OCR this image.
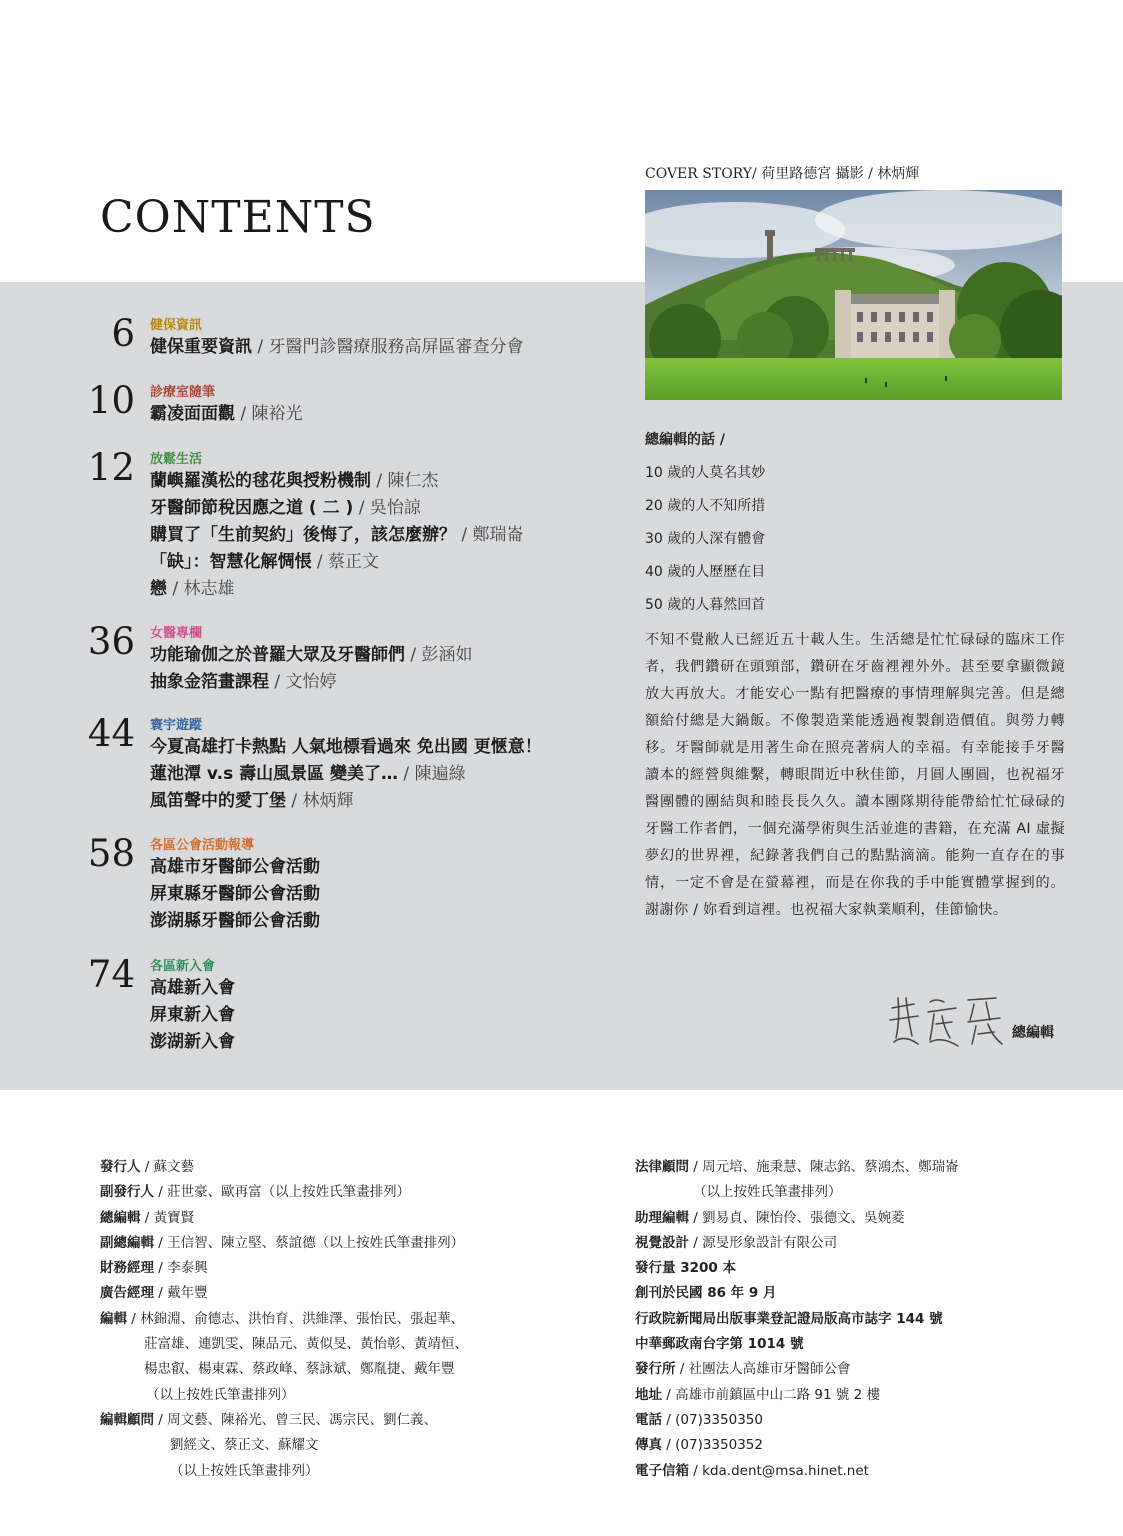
CONTENTS
6 健保資訊
健保重要資訊 / 牙醫門診醫療服務高屏區審查分會
10 診療室隨筆
霸凌面面觀 / 陳裕光
12 放鬆生活
蘭嶼羅漢松的毬花與授粉機制 / 陳仁杰
牙醫師節稅因應之道 ( 二 ) / 吳怡諒
購買了「生前契約」後悔了，該怎麼辦？ / 鄭瑞崙
「缺」：智慧化解惆悵 / 蔡正文
戀 / 林志雄
36 女醫專欄
功能瑜伽之於普羅大眾及牙醫師們 / 彭涵如
抽象金箔畫課程 / 文怡婷
44 寰宇遊蹤
今夏高雄打卡熱點 人氣地標看過來 免出國 更愜意！
蓮池潭 v.s 壽山風景區 變美了… / 陳遍綠
風笛聲中的愛丁堡 / 林炳輝
58 各區公會活動報導
高雄市牙醫師公會活動
屏東縣牙醫師公會活動
澎湖縣牙醫師公會活動
74 各區新入會
高雄新入會
屏東新入會
澎湖新入會
COVER STORY/ 荷里路德宮 攝影 / 林炳輝
總編輯的話 /
10 歲的人莫名其妙
20 歲的人不知所措
30 歲的人深有體會
40 歲的人歷歷在目
50 歲的人暮然回首
不知不覺敝人已經近五十載人生。生活總是忙忙碌碌的臨床工作者，我們鑽研在頭頸部，鑽研在牙齒裡裡外外。甚至要拿顯微鏡放大再放大。才能安心一點有把醫療的事情理解與完善。但是總額給付總是大鍋飯。不像製造業能透過複製創造價值。與勞力轉移。牙醫師就是用著生命在照亮著病人的幸福。有幸能接手牙醫讀本的經營與維繫，轉眼間近中秋佳節，月圓人團圓，也祝福牙醫團體的團結與和睦長長久久。讀本團隊期待能帶給忙忙碌碌的牙醫工作者們，一個充滿學術與生活並進的書籍，在充滿 AI 虛擬夢幻的世界裡，紀錄著我們自己的點點滴滴。能夠一直存在的事情，一定不會是在螢幕裡，而是在你我的手中能實體掌握到的。謝謝你 / 妳看到這裡。也祝福大家執業順利，佳節愉快。
總編輯
發行人 / 蘇文藝
副發行人 / 莊世豪、歐再富（以上按姓氏筆畫排列）
總編輯 / 黃寶賢
副總編輯 / 王信智、陳立堅、蔡誼德（以上按姓氏筆畫排列）
財務經理 / 李泰興
廣告經理 / 戴年豐
編輯 / 林錦淵、俞德志、洪怡育、洪維澤、張怡民、張起華、
莊富雄、連凱雯、陳品元、黃似旻、黃怡彰、黃靖恒、
楊忠叡、楊東霖、蔡政峰、蔡詠斌、鄭胤捷、戴年豐
（以上按姓氏筆畫排列）
編輯顧問 / 周文藝、陳裕光、曾三民、馮宗民、劉仁義、
劉經文、蔡正文、蘇耀文
（以上按姓氏筆畫排列）
法律顧問 / 周元培、施秉慧、陳志銘、蔡鴻杰、鄭瑞崙
（以上按姓氏筆畫排列）
助理編輯 / 劉易貞、陳怡伶、張德文、吳婉菱
視覺設計 / 源旻形象設計有限公司
發行量 3200 本
創刊於民國 86 年 9 月
行政院新聞局出版事業登記證局版高市誌字 144 號
中華郵政南台字第 1014 號
發行所 / 社團法人高雄市牙醫師公會
地址 / 高雄市前鎮區中山二路 91 號 2 樓
電話 / (07)3350350
傳真 / (07)3350352
電子信箱 / kda.dent@msa.hinet.net
